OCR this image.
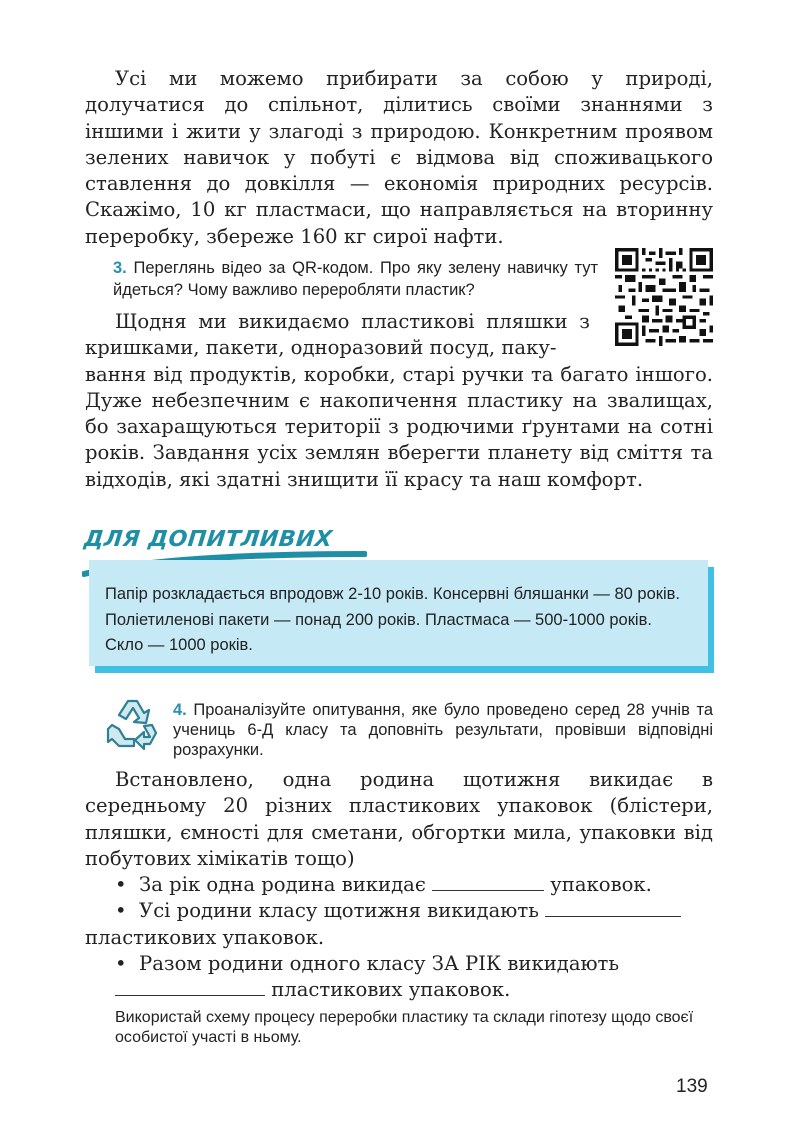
Усі ми можемо прибирати за собою у природі, долучатися до спільнот, ділитись своїми знаннями з іншими і жити у злагоді з природою. Конкретним проявом зелених навичок у побуті є відмова від споживацького ставлення до довкілля — економія природних ресурсів. Скажімо, 10 кг пластмаси, що направляється на вторинну переробку, збереже 160 кг сирої нафти.
3. Переглянь відео за QR-кодом. Про яку зелену навичку тут йдеться? Чому важливо переробляти пластик?
Щодня ми викидаємо пластикові пляшки з кришками, пакети, одноразовий посуд, паку-
вання від продуктів, коробки, старі ручки та багато іншого. Дуже небезпечним є накопичення пластику на звалищах, бо захаращуються території з родючими ґрунтами на сотні років. Завдання усіх землян вберегти планету від сміття та відходів, які здатні знищити її красу та наш комфорт.
ДЛЯ ДОПИТЛИВИХ
Папір розкладається впродовж 2-10 років. Консервні бляшанки — 80 років. Поліетиленові пакети — понад 200 років. Пластмаса — 500-1000 років. Скло — 1000 років.
4. Проаналізуйте опитування, яке було проведено серед 28 учнів та учениць 6-Д класу та доповніть результати, провівши відповідні розрахунки.
Встановлено, одна родина щотижня викидає в середньому 20 різних пластикових упаковок (блістери, пляшки, ємності для сметани, обгортки мила, упаковки від побутових хімікатів тощо)
• За рік одна родина викидає	упаковок.
• Усі родини класу щотижня викидають
пластикових упаковок.
• Разом родини одного класу ЗА РІК викидають
пластикових упаковок.
Використай схему процесу переробки пластику та склади гіпотезу щодо своєї особистої участі в ньому.
139
